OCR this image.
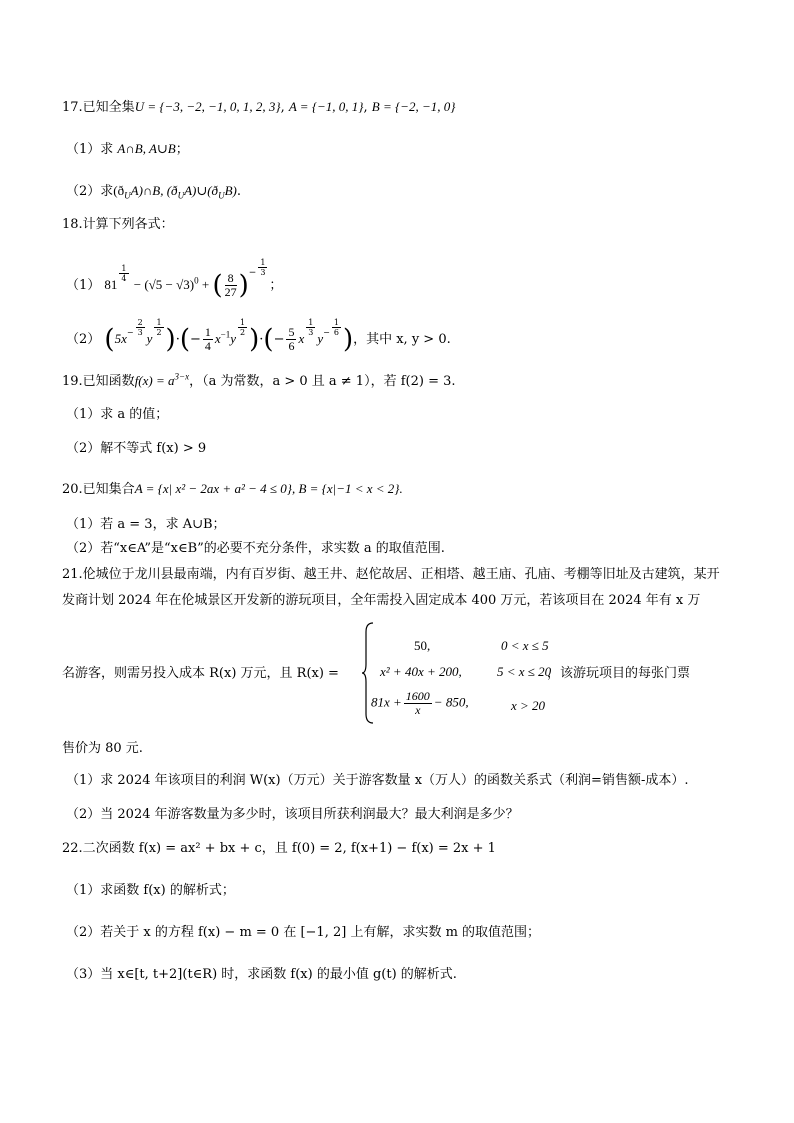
17.已知全集U = {−3, −2, −1, 0, 1, 2, 3}, A = {−1, 0, 1}, B = {−2, −1, 0}
（1）求 A∩B, A∪B；
（2）求$(ð_UA)\cap B$, $(ð_UA)\cup(ð_UB)$.
18.计算下列各式：
（1） 81
$\frac{1}{4}$
− $(√5 - √3)^0$ + ( $\frac{8}{27} )^- \frac{1}{3}$
；
（2） ($5x^- \frac{2}{3}$
y
$\frac{1}{2}$ )·(− $\frac{1}{4} x^{-1}y$
$\frac{1}{2}$ )·(− $\frac{5}{6}$ x
$\frac{1}{3}$
$y^- \frac{1}{6}$ )，其中 x, y > 0.
19.已知函数$f(x) = a^{3-x}$，（a 为常数，a > 0 且 a ≠ 1），若 f(2) = 3.
（1）求 a 的值；
（2）解不等式 f(x) > 9
20.已知集合A = {x| x² − 2ax + a² − 4 ≤ 0}, B = {x|−1 < x < 2}.
（1）若 a = 3，求 A∪B；
（2）若“x∈A”是“x∈B”的必要不充分条件，求实数 a 的取值范围.
21.伦城位于龙川县最南端，内有百岁街、越王井、赵佗故居、正相塔、越王庙、孔庙、考棚等旧址及古建筑，某开
发商计划 2024 年在伦城景区开发新的游玩项目，全年需投入固定成本 400 万元，若该项目在 2024 年有 x 万
名游客，则需另投入成本 R(x) 万元，且 R(x) =	，该游玩项目的每张门票
50,	0 < x ≤ 5
x² + 40x + 200,	5 < x ≤ 20
$81x + \frac{1600}{x} - 850$,	x > 20
售价为 80 元.
（1）求 2024 年该项目的利润 W(x)（万元）关于游客数量 x（万人）的函数关系式（利润=销售额-成本）.
（2）当 2024 年游客数量为多少时，该项目所获利润最大？最大利润是多少？
22.二次函数 f(x) = ax² + bx + c，且 f(0) = 2, f(x+1) − f(x) = 2x + 1
（1）求函数 f(x) 的解析式；
（2）若关于 x 的方程 f(x) − m = 0 在 [−1, 2] 上有解，求实数 m 的取值范围；
（3）当 x∈[t, t+2](t∈R) 时，求函数 f(x) 的最小值 g(t) 的解析式.
